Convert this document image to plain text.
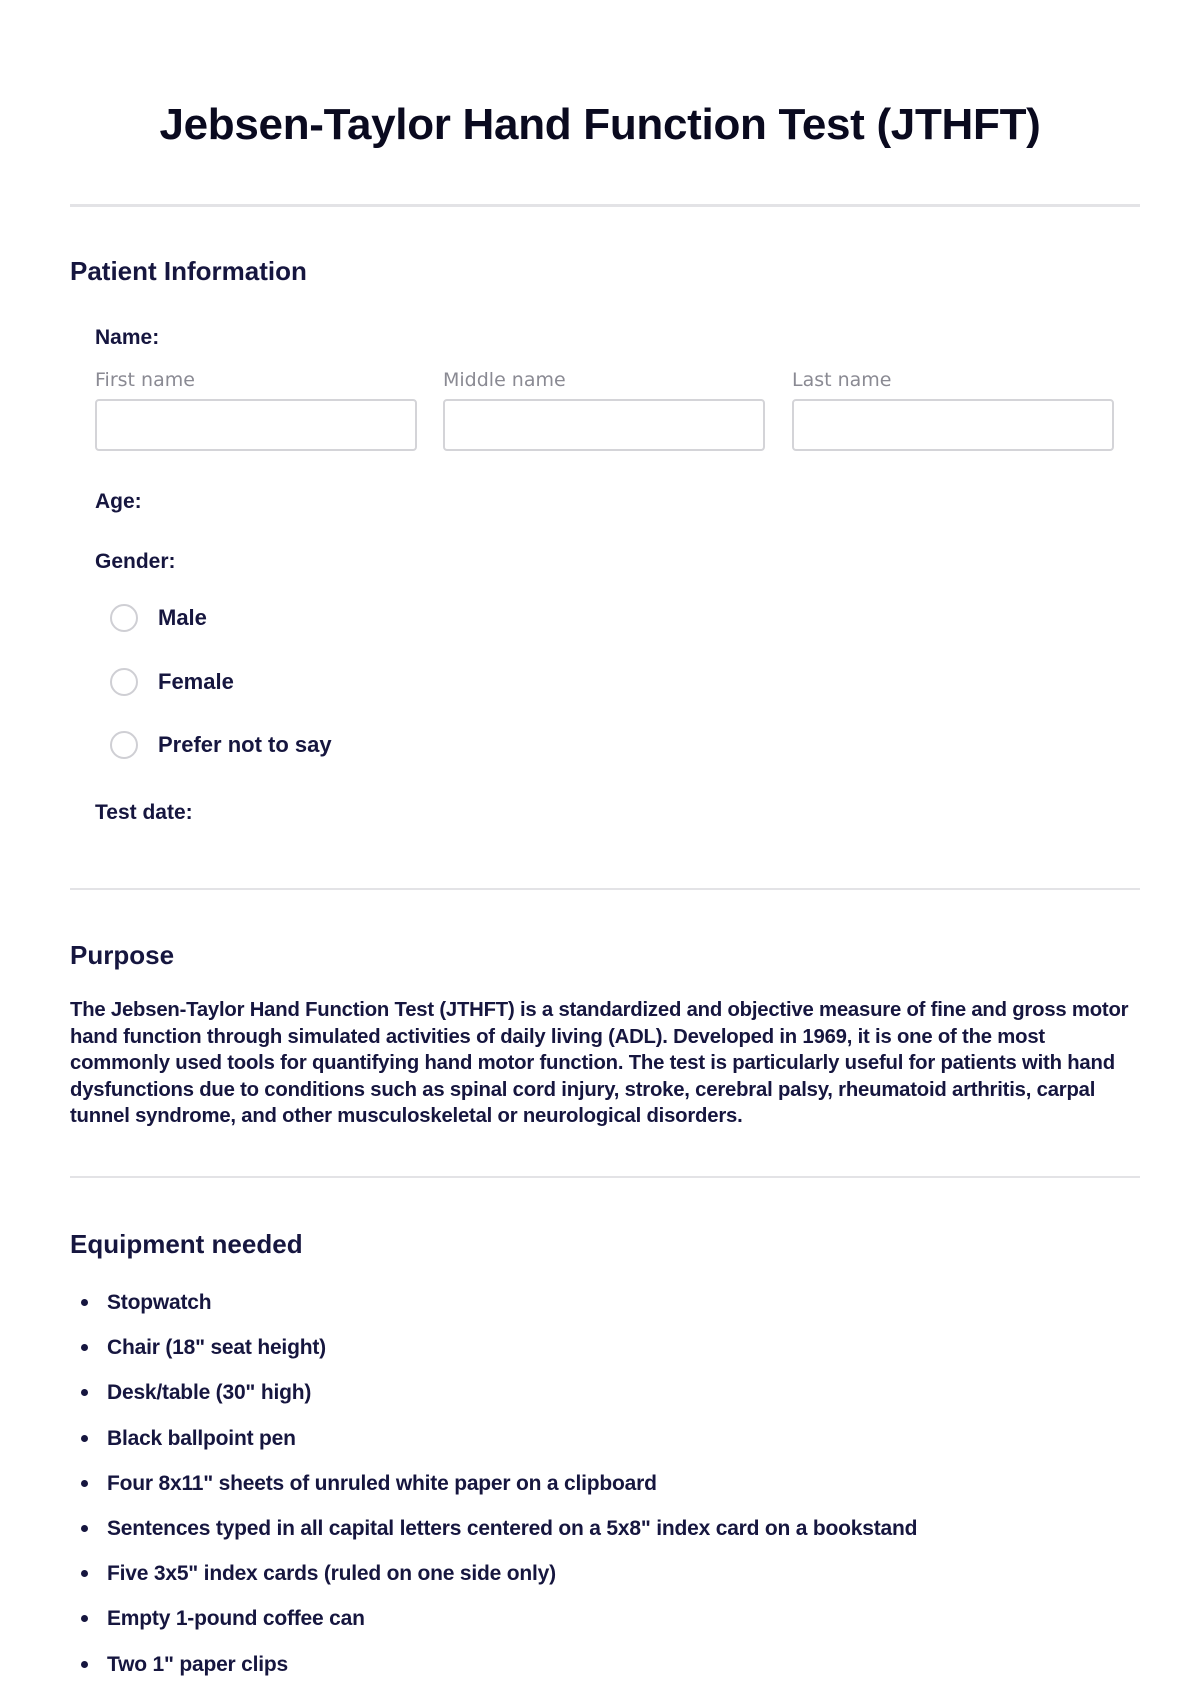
Jebsen-Taylor Hand Function Test (JTHFT)
Patient Information
Name:
First name	Middle name	Last name
Age:
Gender:
Male
Female
Prefer not to say
Test date:
Purpose

The Jebsen-Taylor Hand Function Test (JTHFT) is a standardized and objective measure of fine and gross motor hand function through simulated activities of daily living (ADL). Developed in 1969, it is one of the most commonly used tools for quantifying hand motor function. The test is particularly useful for patients with hand dysfunctions due to conditions such as spinal cord injury, stroke, cerebral palsy, rheumatoid arthritis, carpal tunnel syndrome, and other musculoskeletal or neurological disorders.

Equipment needed
Stopwatch
Chair (18" seat height)
Desk/table (30" high)
Black ballpoint pen
Four 8x11" sheets of unruled white paper on a clipboard
Sentences typed in all capital letters centered on a 5x8" index card on a bookstand
Five 3x5" index cards (ruled on one side only)
Empty 1-pound coffee can
Two 1" paper clips
